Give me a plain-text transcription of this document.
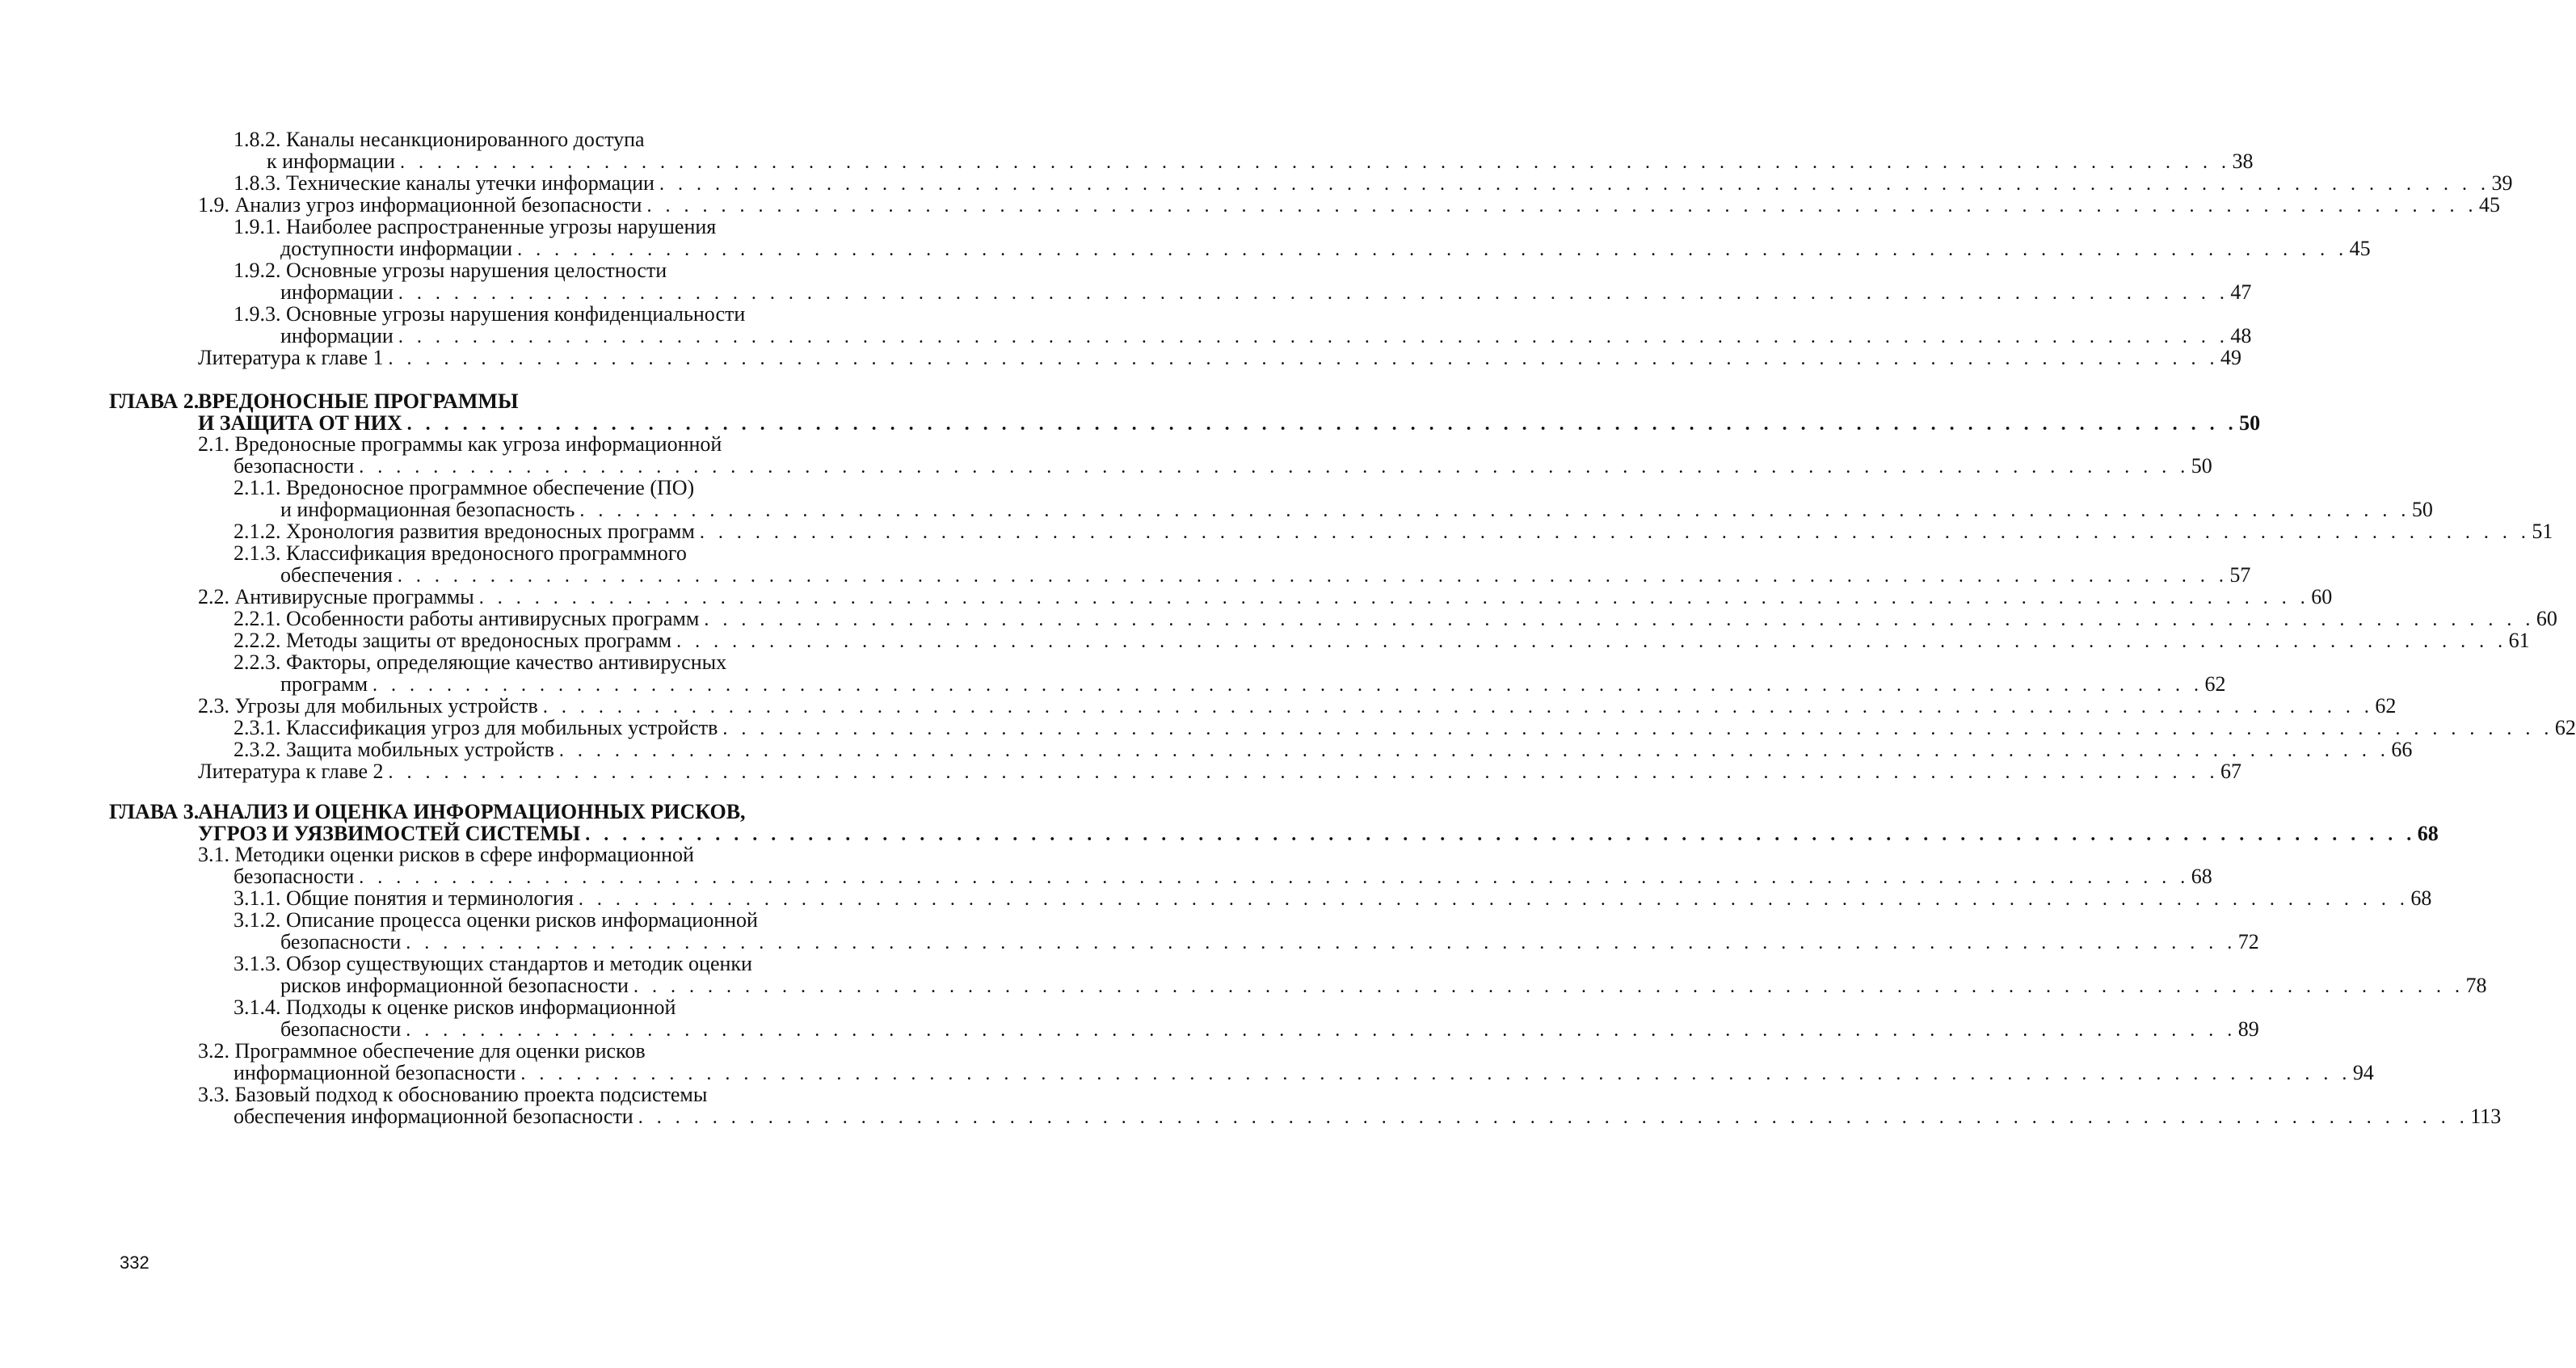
ГЛАВА 2.
ВРЕДОНОСНЫЕ ПРОГРАММЫ
И ЗАЩИТА ОТ НИХ . . . . . . . . . . . . . . . . . . . . . . . . . . . . . . . . . . . . . . . . . . . . . . . . . . . . . . . . . . . . . . . . . . . . . . . . . . . . . . . . . . . . . . . . . . . . . . . . . . . 50
ГЛАВА 3.
АНАЛИЗ И ОЦЕНКА ИНФОРМАЦИОННЫХ РИСКОВ,
УГРОЗ И УЯЗВИМОСТЕЙ СИСТЕМЫ . . . . . . . . . . . . . . . . . . . . . . . . . . . . . . . . . . . . . . . . . . . . . . . . . . . . . . . . . . . . . . . . . . . . . . . . . . . . . . . . . . . . . . . . . . . . . . . . . . . 68
1.8.2. Каналы несанкционированного доступа
к информации . . . . . . . . . . . . . . . . . . . . . . . . . . . . . . . . . . . . . . . . . . . . . . . . . . . . . . . . . . . . . . . . . . . . . . . . . . . . . . . . . . . . . . . . . . . . . . . . . . . 38
1.8.3. Технические каналы утечки информации . . . . . . . . . . . . . . . . . . . . . . . . . . . . . . . . . . . . . . . . . . . . . . . . . . . . . . . . . . . . . . . . . . . . . . . . . . . . . . . . . . . . . . . . . . . . . . . . . . . 39
1.9. Анализ угроз информационной безопасности . . . . . . . . . . . . . . . . . . . . . . . . . . . . . . . . . . . . . . . . . . . . . . . . . . . . . . . . . . . . . . . . . . . . . . . . . . . . . . . . . . . . . . . . . . . . . . . . . . . 45
1.9.1. Наиболее распространенные угрозы нарушения
доступности информации . . . . . . . . . . . . . . . . . . . . . . . . . . . . . . . . . . . . . . . . . . . . . . . . . . . . . . . . . . . . . . . . . . . . . . . . . . . . . . . . . . . . . . . . . . . . . . . . . . . 45
1.9.2. Основные угрозы нарушения целостности
информации . . . . . . . . . . . . . . . . . . . . . . . . . . . . . . . . . . . . . . . . . . . . . . . . . . . . . . . . . . . . . . . . . . . . . . . . . . . . . . . . . . . . . . . . . . . . . . . . . . . 47
1.9.3. Основные угрозы нарушения конфиденциальности
информации . . . . . . . . . . . . . . . . . . . . . . . . . . . . . . . . . . . . . . . . . . . . . . . . . . . . . . . . . . . . . . . . . . . . . . . . . . . . . . . . . . . . . . . . . . . . . . . . . . . 48
Литература к главе 1 . . . . . . . . . . . . . . . . . . . . . . . . . . . . . . . . . . . . . . . . . . . . . . . . . . . . . . . . . . . . . . . . . . . . . . . . . . . . . . . . . . . . . . . . . . . . . . . . . . . 49
2.1. Вредоносные программы как угроза информационной
безопасности . . . . . . . . . . . . . . . . . . . . . . . . . . . . . . . . . . . . . . . . . . . . . . . . . . . . . . . . . . . . . . . . . . . . . . . . . . . . . . . . . . . . . . . . . . . . . . . . . . . 50
2.1.1. Вредоносное программное обеспечение (ПО)
и информационная безопасность . . . . . . . . . . . . . . . . . . . . . . . . . . . . . . . . . . . . . . . . . . . . . . . . . . . . . . . . . . . . . . . . . . . . . . . . . . . . . . . . . . . . . . . . . . . . . . . . . . . 50
2.1.2. Хронология развития вредоносных программ . . . . . . . . . . . . . . . . . . . . . . . . . . . . . . . . . . . . . . . . . . . . . . . . . . . . . . . . . . . . . . . . . . . . . . . . . . . . . . . . . . . . . . . . . . . . . . . . . . . 51
2.1.3. Классификация вредоносного программного
обеспечения . . . . . . . . . . . . . . . . . . . . . . . . . . . . . . . . . . . . . . . . . . . . . . . . . . . . . . . . . . . . . . . . . . . . . . . . . . . . . . . . . . . . . . . . . . . . . . . . . . . 57
2.2. Антивирусные программы . . . . . . . . . . . . . . . . . . . . . . . . . . . . . . . . . . . . . . . . . . . . . . . . . . . . . . . . . . . . . . . . . . . . . . . . . . . . . . . . . . . . . . . . . . . . . . . . . . . 60
2.2.1. Особенности работы антивирусных программ . . . . . . . . . . . . . . . . . . . . . . . . . . . . . . . . . . . . . . . . . . . . . . . . . . . . . . . . . . . . . . . . . . . . . . . . . . . . . . . . . . . . . . . . . . . . . . . . . . . 60
2.2.2. Методы защиты от вредоносных программ . . . . . . . . . . . . . . . . . . . . . . . . . . . . . . . . . . . . . . . . . . . . . . . . . . . . . . . . . . . . . . . . . . . . . . . . . . . . . . . . . . . . . . . . . . . . . . . . . . . 61
2.2.3. Факторы, определяющие качество антивирусных
программ . . . . . . . . . . . . . . . . . . . . . . . . . . . . . . . . . . . . . . . . . . . . . . . . . . . . . . . . . . . . . . . . . . . . . . . . . . . . . . . . . . . . . . . . . . . . . . . . . . . 62
2.3. Угрозы для мобильных устройств . . . . . . . . . . . . . . . . . . . . . . . . . . . . . . . . . . . . . . . . . . . . . . . . . . . . . . . . . . . . . . . . . . . . . . . . . . . . . . . . . . . . . . . . . . . . . . . . . . . 62
2.3.1. Классификация угроз для мобильных устройств . . . . . . . . . . . . . . . . . . . . . . . . . . . . . . . . . . . . . . . . . . . . . . . . . . . . . . . . . . . . . . . . . . . . . . . . . . . . . . . . . . . . . . . . . . . . . . . . . . . 62
2.3.2. Защита мобильных устройств . . . . . . . . . . . . . . . . . . . . . . . . . . . . . . . . . . . . . . . . . . . . . . . . . . . . . . . . . . . . . . . . . . . . . . . . . . . . . . . . . . . . . . . . . . . . . . . . . . . 66
Литература к главе 2 . . . . . . . . . . . . . . . . . . . . . . . . . . . . . . . . . . . . . . . . . . . . . . . . . . . . . . . . . . . . . . . . . . . . . . . . . . . . . . . . . . . . . . . . . . . . . . . . . . . 67
3.1. Методики оценки рисков в сфере информационной
безопасности . . . . . . . . . . . . . . . . . . . . . . . . . . . . . . . . . . . . . . . . . . . . . . . . . . . . . . . . . . . . . . . . . . . . . . . . . . . . . . . . . . . . . . . . . . . . . . . . . . . 68
3.1.1. Общие понятия и терминология . . . . . . . . . . . . . . . . . . . . . . . . . . . . . . . . . . . . . . . . . . . . . . . . . . . . . . . . . . . . . . . . . . . . . . . . . . . . . . . . . . . . . . . . . . . . . . . . . . . 68
3.1.2. Описание процесса оценки рисков информационной
безопасности . . . . . . . . . . . . . . . . . . . . . . . . . . . . . . . . . . . . . . . . . . . . . . . . . . . . . . . . . . . . . . . . . . . . . . . . . . . . . . . . . . . . . . . . . . . . . . . . . . . 72
3.1.3. Обзор существующих стандартов и методик оценки
рисков информационной безопасности . . . . . . . . . . . . . . . . . . . . . . . . . . . . . . . . . . . . . . . . . . . . . . . . . . . . . . . . . . . . . . . . . . . . . . . . . . . . . . . . . . . . . . . . . . . . . . . . . . . 78
3.1.4. Подходы к оценке рисков информационной
безопасности . . . . . . . . . . . . . . . . . . . . . . . . . . . . . . . . . . . . . . . . . . . . . . . . . . . . . . . . . . . . . . . . . . . . . . . . . . . . . . . . . . . . . . . . . . . . . . . . . . . 89
3.2. Программное обеспечение для оценки рисков
информационной безопасности . . . . . . . . . . . . . . . . . . . . . . . . . . . . . . . . . . . . . . . . . . . . . . . . . . . . . . . . . . . . . . . . . . . . . . . . . . . . . . . . . . . . . . . . . . . . . . . . . . . 94
3.3. Базовый подход к обоснованию проекта подсистемы
обеспечения информационной безопасности . . . . . . . . . . . . . . . . . . . . . . . . . . . . . . . . . . . . . . . . . . . . . . . . . . . . . . . . . . . . . . . . . . . . . . . . . . . . . . . . . . . . . . . . . . . . . . . . . . . 113
332
